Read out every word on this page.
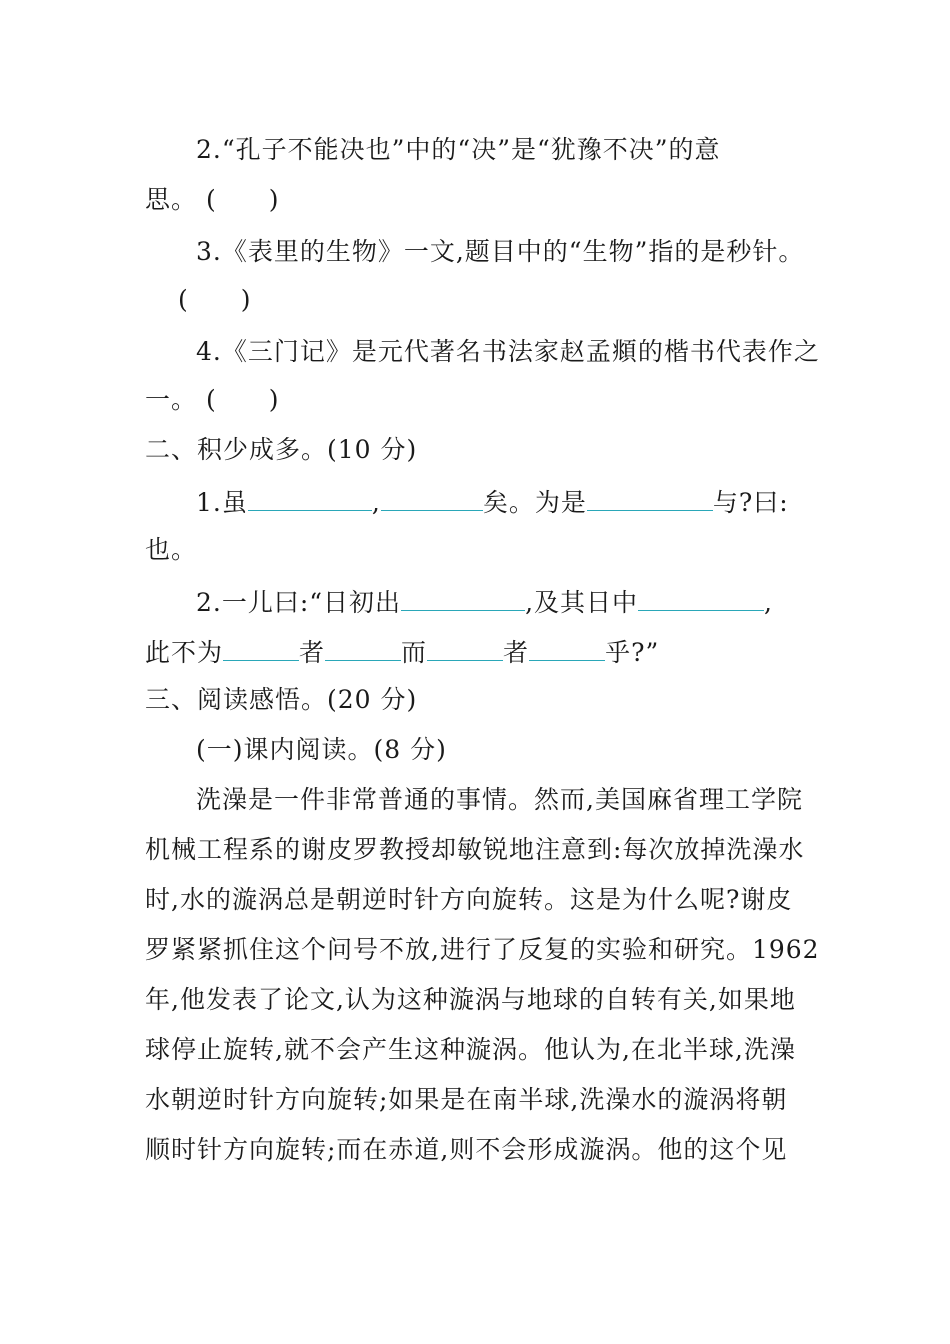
2.“孔子不能决也”中的“决”是“犹豫不决”的意
思。 (　　)
3.《表里的生物》一文,题目中的“生物”指的是秒针。
(　　)
4.《三门记》是元代著名书法家赵孟頫的楷书代表作之
一。 (　　)
二、积少成多。(10 分)
1.虽	,	矣。为是	与?曰:
也。
2.一儿曰:“日初出	,及其日中	,
此不为	者	而	者	乎?”
三、阅读感悟。(20 分)
(一)课内阅读。(8 分)
洗澡是一件非常普通的事情。然而,美国麻省理工学院
机械工程系的谢皮罗教授却敏锐地注意到:每次放掉洗澡水
时,水的漩涡总是朝逆时针方向旋转。这是为什么呢?谢皮
罗紧紧抓住这个问号不放,进行了反复的实验和研究。1962
年,他发表了论文,认为这种漩涡与地球的自转有关,如果地
球停止旋转,就不会产生这种漩涡。他认为,在北半球,洗澡
水朝逆时针方向旋转;如果是在南半球,洗澡水的漩涡将朝
顺时针方向旋转;而在赤道,则不会形成漩涡。他的这个见
